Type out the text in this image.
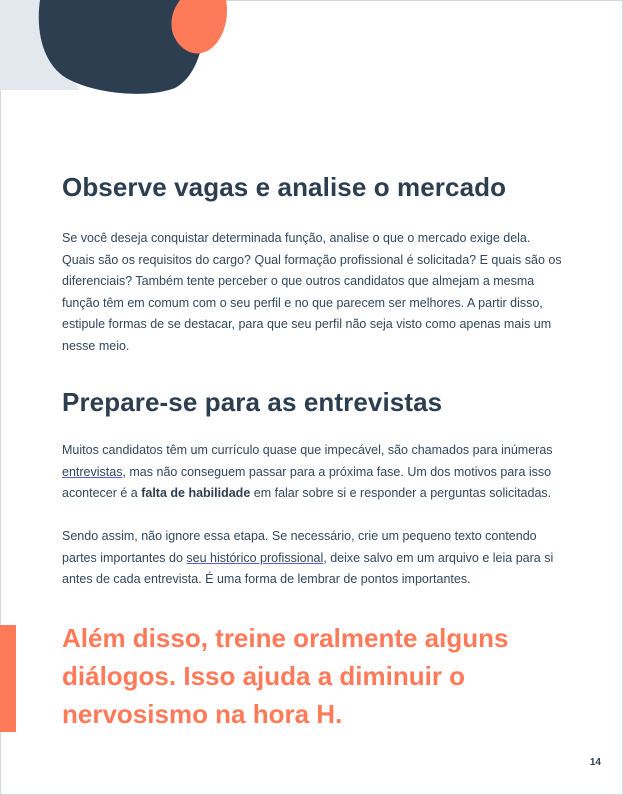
Observe vagas e analise o mercado

Se você deseja conquistar determinada função, analise o que o mercado exige dela. Quais são os requisitos do cargo? Qual formação profissional é solicitada? E quais são os diferenciais? Também tente perceber o que outros candidatos que almejam a mesma função têm em comum com o seu perfil e no que parecem ser melhores. A partir disso, estipule formas de se destacar, para que seu perfil não seja visto como apenas mais um nesse meio.

Prepare-se para as entrevistas

Muitos candidatos têm um currículo quase que impecável, são chamados para inúmeras entrevistas, mas não conseguem passar para a próxima fase. Um dos motivos para isso acontecer é a falta de habilidade em falar sobre si e responder a perguntas solicitadas.

Sendo assim, não ignore essa etapa. Se necessário, crie um pequeno texto contendo partes importantes do seu histórico profissional, deixe salvo em um arquivo e leia para si antes de cada entrevista. É uma forma de lembrar de pontos importantes.

Além disso, treine oralmente alguns diálogos. Isso ajuda a diminuir o nervosismo na hora H.

14
